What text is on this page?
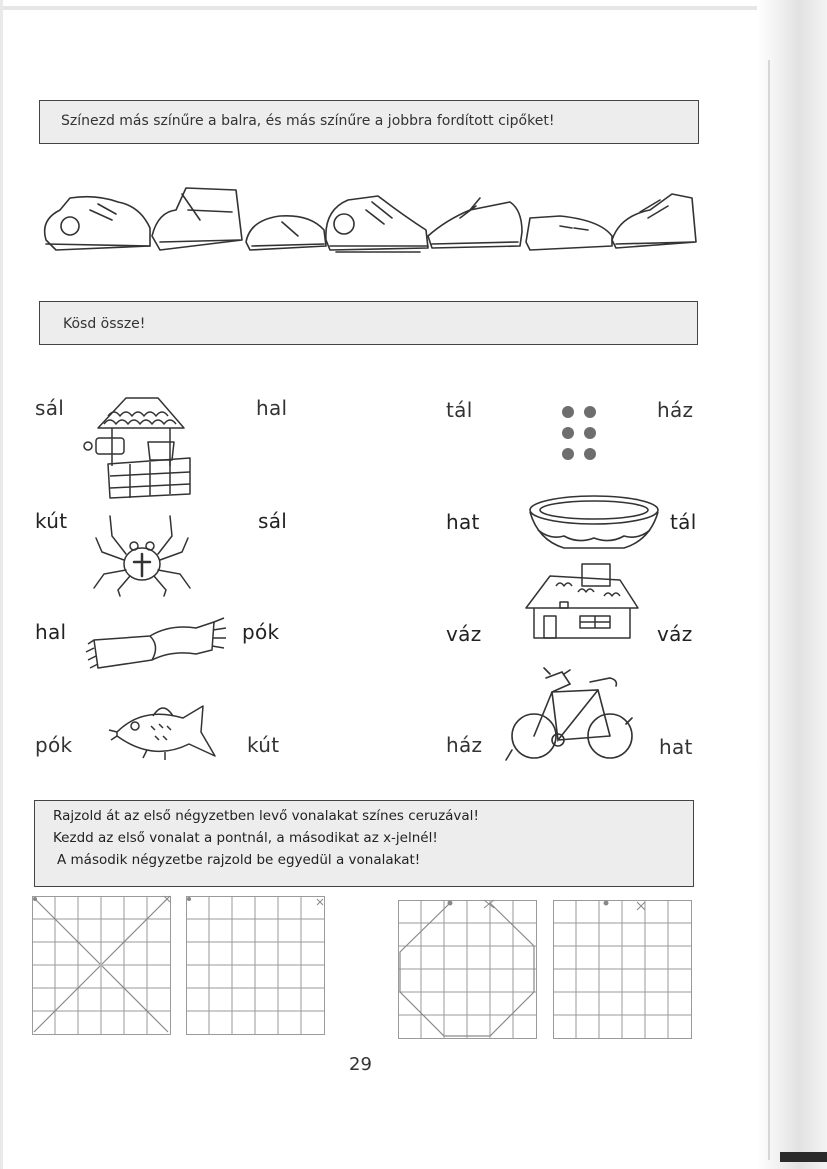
Színezd más színűre a balra, és más színűre a jobbra fordított cipőket!
Kösd össze!
sál	hal
kút	sál
hal	pók
pók	kút
tál	ház
hat	tál
váz	váz
ház	hat
Rajzold át az első négyzetben levő vonalakat színes ceruzával!
Kezdd az első vonalat a pontnál, a másodikat az x-jelnél!
A második négyzetbe rajzold be egyedül a vonalakat!
29
